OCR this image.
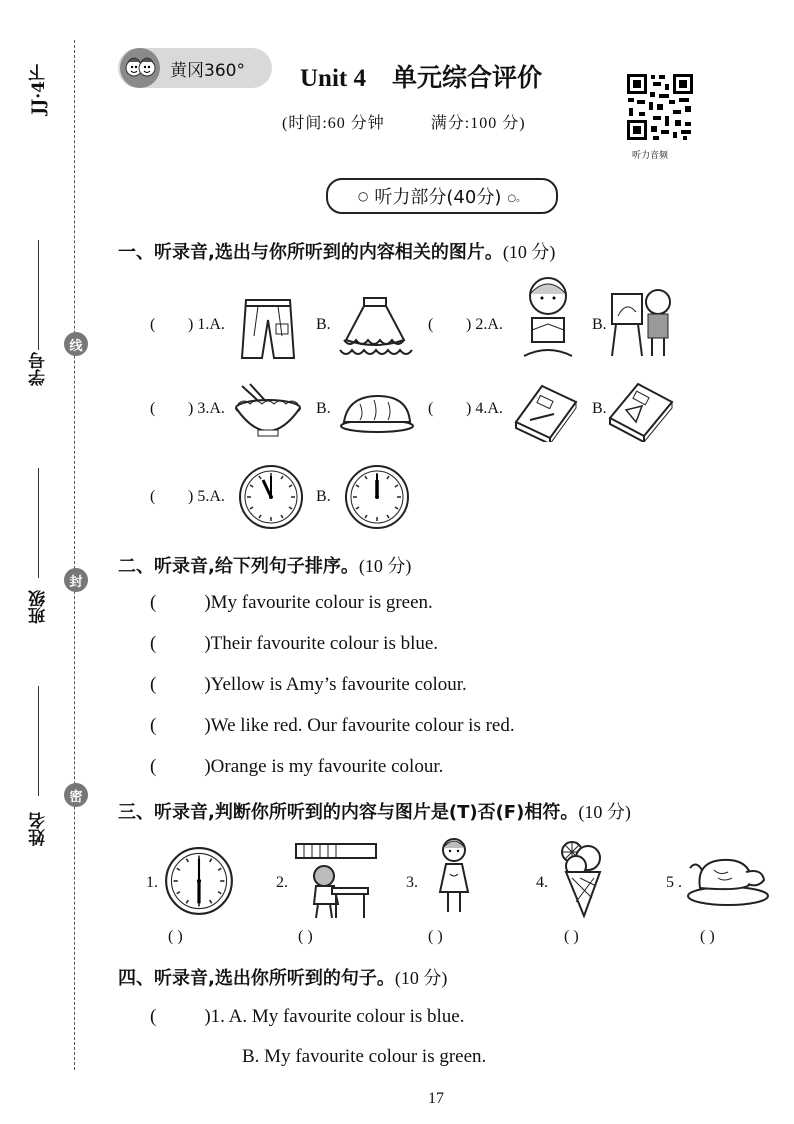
JJ·4下
学号
线
班级
封
姓名
密
黄冈360° Unit 4 单元综合评价
(时间:60 分钟	满分:100 分)
听力音频
○ 听力部分(40分) ○。
一、听录音,选出与你所听到的内容相关的图片。(10 分)
( ) 1.A.	B.	( ) 2.A.	B.
( ) 3.A.	B.	( ) 4.A.	B.
( ) 5.A.	B.
二、听录音,给下列句子排序。(10 分)
(	)My favourite colour is green.
(	)Their favourite colour is blue.
(	)Yellow is Amy’s favourite colour.
(	)We like red. Our favourite colour is red.
(	)Orange is my favourite colour.
三、听录音,判断你所听到的内容与图片是(T)否(F)相符。(10 分)
1.	2.	3.	4.	5 .
( )	( )	( )	( )	( )
四、听录音,选出你所听到的句子。(10 分)
(	)1. A. My favourite colour is blue.
B. My favourite colour is green.
17
